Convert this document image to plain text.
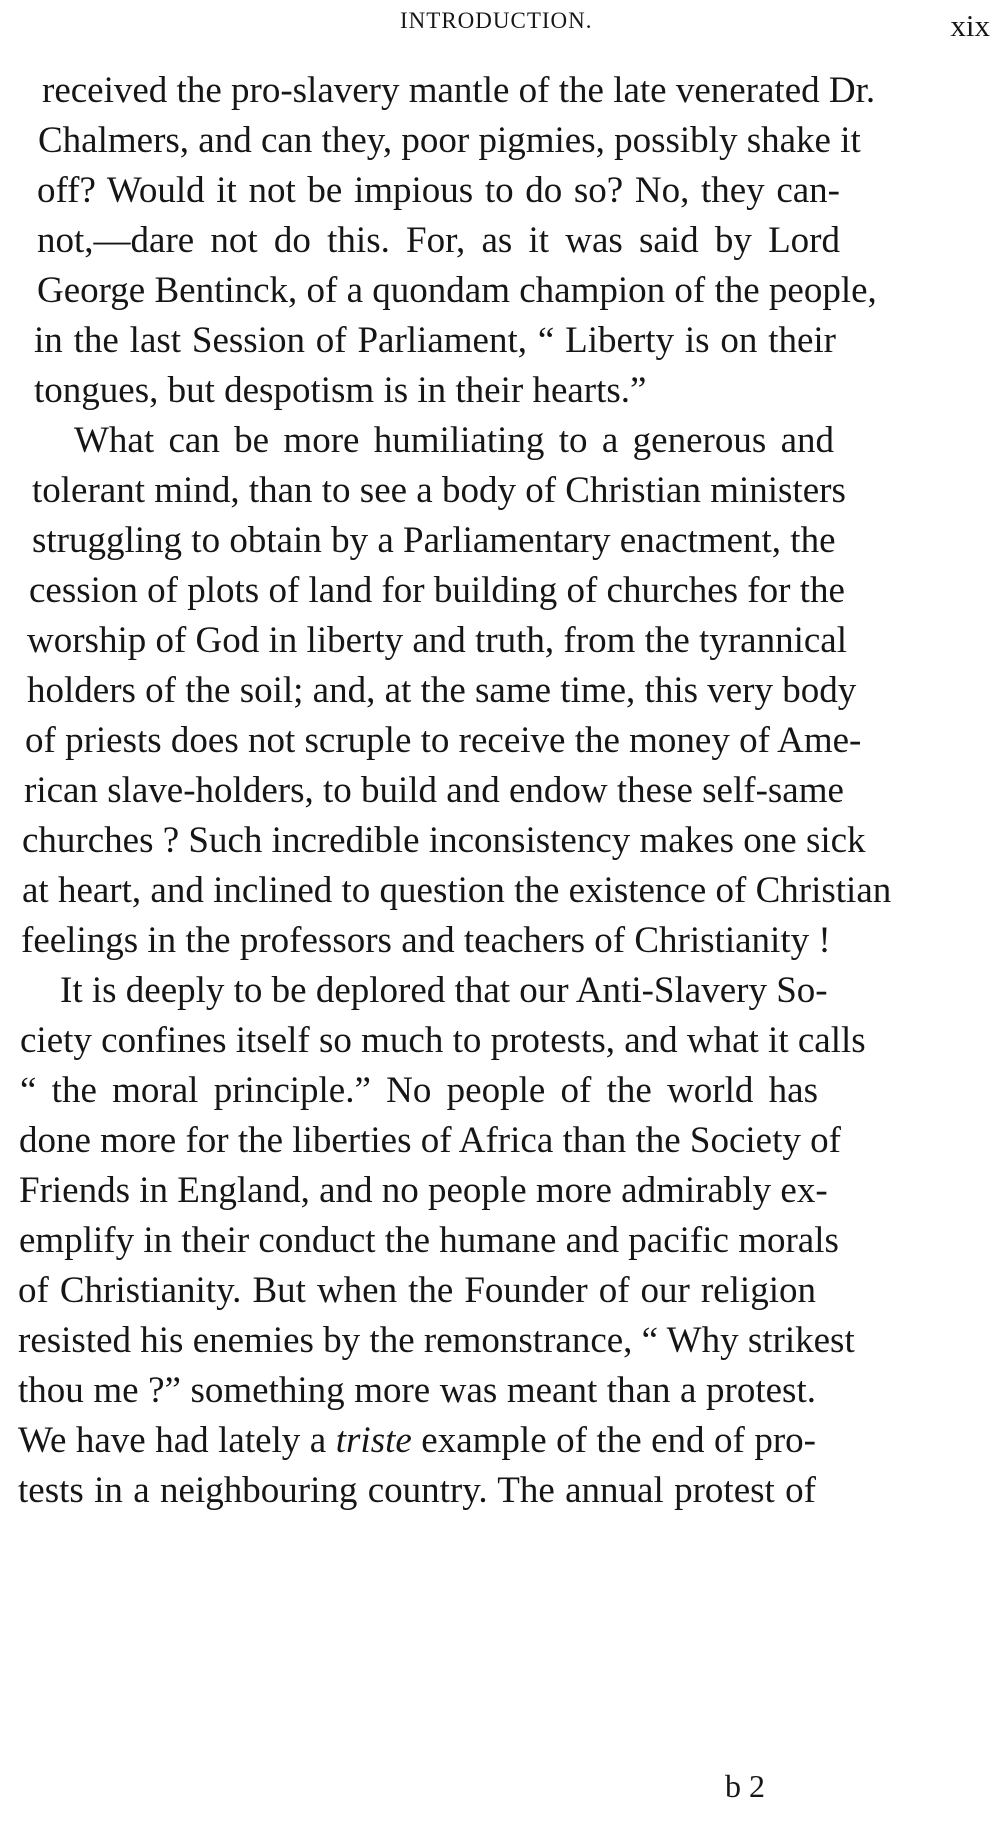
INTRODUCTION.	xix
received the pro-slavery mantle of the late venerated Dr.
Chalmers, and can they, poor pigmies, possibly shake it
off? Would it not be impious to do so? No, they can-
not,—dare not do this. For, as it was said by Lord
George Bentinck, of a quondam champion of the people,
in the last Session of Parliament, “ Liberty is on their
tongues, but despotism is in their hearts.”
What can be more humiliating to a generous and
tolerant mind, than to see a body of Christian ministers
struggling to obtain by a Parliamentary enactment, the
cession of plots of land for building of churches for the
worship of God in liberty and truth, from the tyrannical
holders of the soil; and, at the same time, this very body
of priests does not scruple to receive the money of Ame-
rican slave-holders, to build and endow these self-same
churches ? Such incredible inconsistency makes one sick
at heart, and inclined to question the existence of Christian
feelings in the professors and teachers of Christianity !
It is deeply to be deplored that our Anti-Slavery So-
ciety confines itself so much to protests, and what it calls
“ the moral principle.” No people of the world has
done more for the liberties of Africa than the Society of
Friends in England, and no people more admirably ex-
emplify in their conduct the humane and pacific morals
of Christianity. But when the Founder of our religion
resisted his enemies by the remonstrance, “ Why strikest
thou me ?” something more was meant than a protest.
We have had lately a triste example of the end of pro-
tests in a neighbouring country. The annual protest of
b 2
